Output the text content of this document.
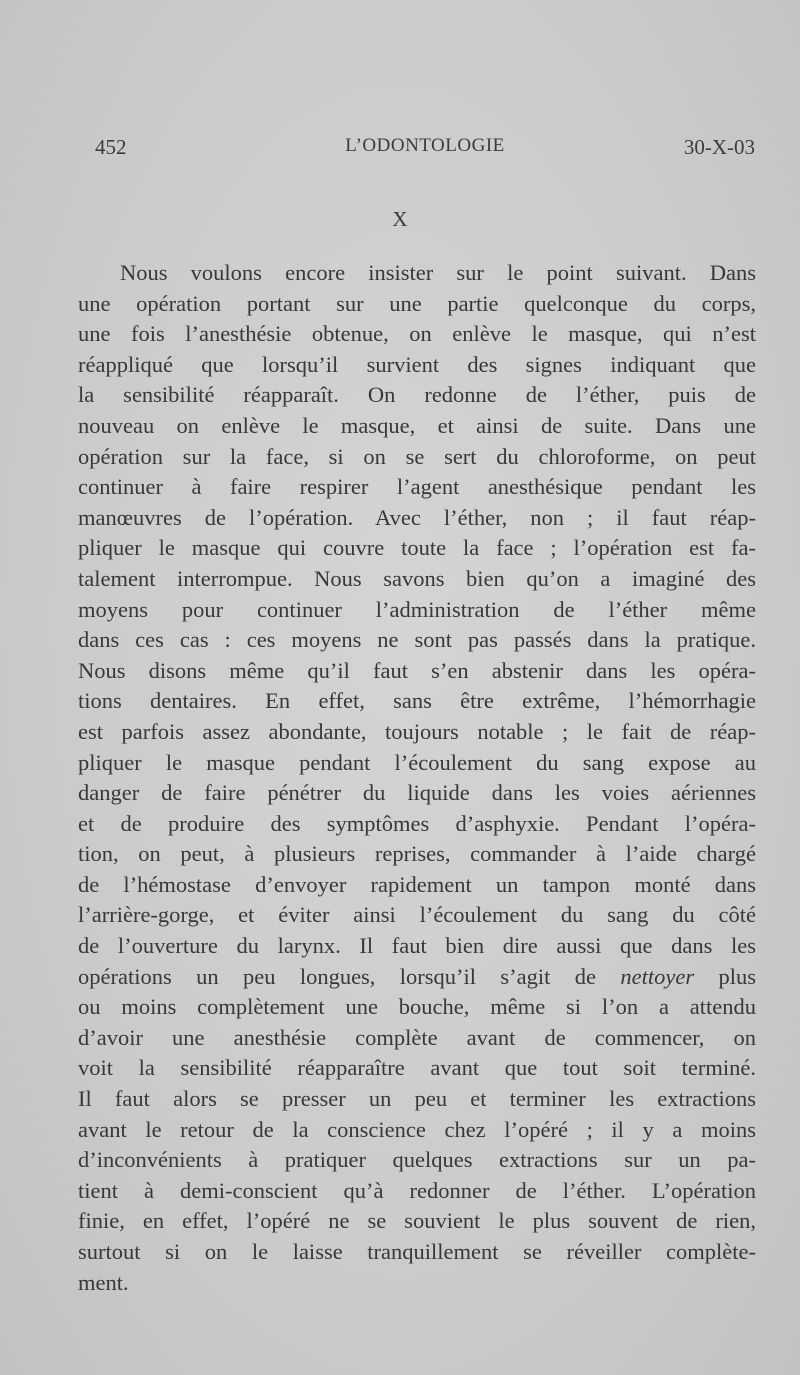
452	L’ODONTOLOGIE	30-X-03
X
Nous voulons encore insister sur le point suivant. Dans
une opération portant sur une partie quelconque du corps,
une fois l’anesthésie obtenue, on enlève le masque, qui n’est
réappliqué que lorsqu’il survient des signes indiquant que
la sensibilité réapparaît. On redonne de l’éther, puis de
nouveau on enlève le masque, et ainsi de suite. Dans une
opération sur la face, si on se sert du chloroforme, on peut
continuer à faire respirer l’agent anesthésique pendant les
manœuvres de l’opération. Avec l’éther, non ; il faut réap-
pliquer le masque qui couvre toute la face ; l’opération est fa-
talement interrompue. Nous savons bien qu’on a imaginé des
moyens pour continuer l’administration de l’éther même
dans ces cas : ces moyens ne sont pas passés dans la pratique.
Nous disons même qu’il faut s’en abstenir dans les opéra-
tions dentaires. En effet, sans être extrême, l’hémorrhagie
est parfois assez abondante, toujours notable ; le fait de réap-
pliquer le masque pendant l’écoulement du sang expose au
danger de faire pénétrer du liquide dans les voies aériennes
et de produire des symptômes d’asphyxie. Pendant l’opéra-
tion, on peut, à plusieurs reprises, commander à l’aide chargé
de l’hémostase d’envoyer rapidement un tampon monté dans
l’arrière-gorge, et éviter ainsi l’écoulement du sang du côté
de l’ouverture du larynx. Il faut bien dire aussi que dans les
opérations un peu longues, lorsqu’il s’agit de nettoyer plus
ou moins complètement une bouche, même si l’on a attendu
d’avoir une anesthésie complète avant de commencer, on
voit la sensibilité réapparaître avant que tout soit terminé.
Il faut alors se presser un peu et terminer les extractions
avant le retour de la conscience chez l’opéré ; il y a moins
d’inconvénients à pratiquer quelques extractions sur un pa-
tient à demi-conscient qu’à redonner de l’éther. L’opération
finie, en effet, l’opéré ne se souvient le plus souvent de rien,
surtout si on le laisse tranquillement se réveiller complète-
ment.
